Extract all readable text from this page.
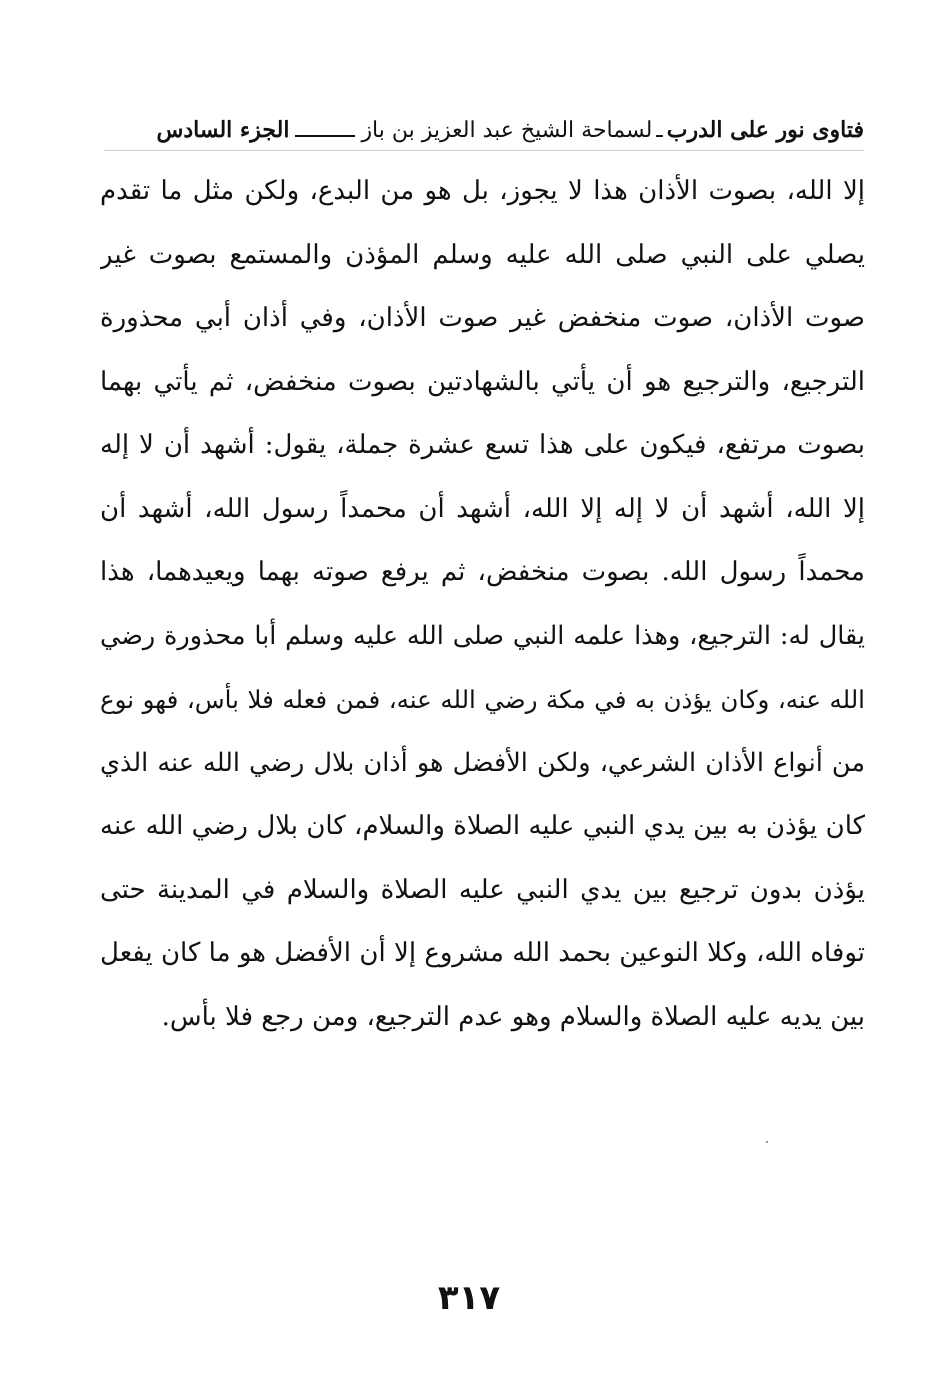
فتاوى نور على الدرب
ـ
لسماحة الشيخ عبد العزيز بن باز
الجزء السادس
إلا الله، بصوت الأذان هذا لا يجوز، بل هو من البدع، ولكن مثل ما تقدم
يصلي على النبي صلى الله عليه وسلم المؤذن والمستمع بصوت غير
صوت الأذان، صوت منخفض غير صوت الأذان، وفي أذان أبي محذورة
الترجيع، والترجيع هو أن يأتي بالشهادتين بصوت منخفض، ثم يأتي بهما
بصوت مرتفع، فيكون على هذا تسع عشرة جملة، يقول: أشهد أن لا إله
إلا الله، أشهد أن لا إله إلا الله، أشهد أن محمداً رسول الله، أشهد أن
محمداً رسول الله. بصوت منخفض، ثم يرفع صوته بهما ويعيدهما، هذا
يقال له: الترجيع، وهذا علمه النبي صلى الله عليه وسلم أبا محذورة رضي
الله عنه، وكان يؤذن به في مكة رضي الله عنه، فمن فعله فلا بأس، فهو نوع
من أنواع الأذان الشرعي، ولكن الأفضل هو أذان بلال رضي الله عنه الذي
كان يؤذن به بين يدي النبي عليه الصلاة والسلام، كان بلال رضي الله عنه
يؤذن بدون ترجيع بين يدي النبي عليه الصلاة والسلام في المدينة حتى
توفاه الله، وكلا النوعين بحمد الله مشروع إلا أن الأفضل هو ما كان يفعل
بين يديه عليه الصلاة والسلام وهو عدم الترجيع، ومن رجع فلا بأس.
٣١٧
